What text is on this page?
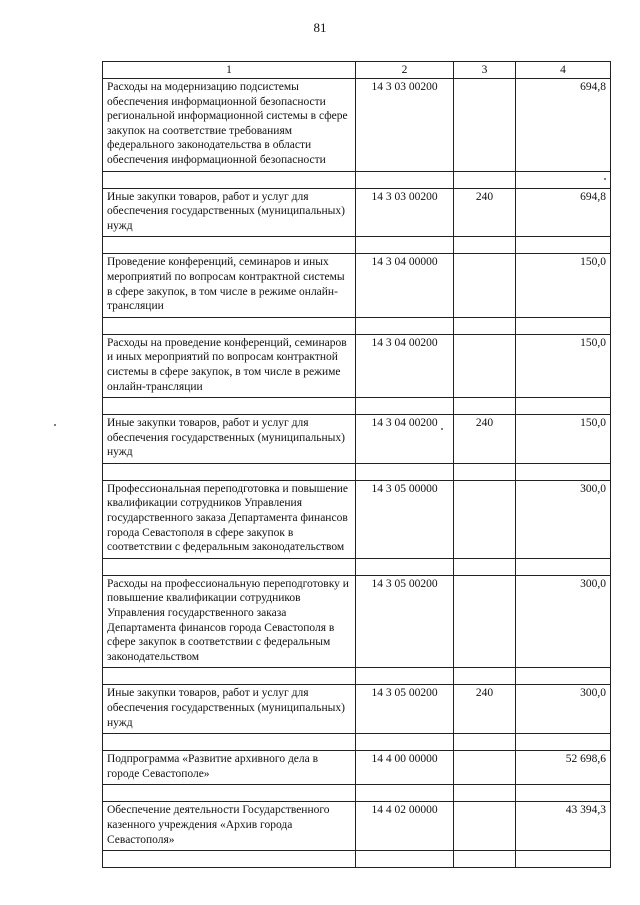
81
1	2	3	4
Расходы на модернизацию подсистемы обеспечения информационной безопасности региональной информационной системы в сфере закупок на соответствие требованиям федерального законодательства в области обеспечения информационной безопасности	14 3 03 00200		694,8

Иные закупки товаров, работ и услуг для обеспечения государственных (муниципальных) нужд	14 3 03 00200	240	694,8

Проведение конференций, семинаров и иных мероприятий по вопросам контрактной системы в сфере закупок, в том числе в режиме онлайн-трансляции	14 3 04 00000		150,0

Расходы на проведение конференций, семинаров и иных мероприятий по вопросам контрактной системы в сфере закупок, в том числе в режиме онлайн-трансляции	14 3 04 00200		150,0

Иные закупки товаров, работ и услуг для обеспечения государственных (муниципальных) нужд	14 3 04 00200	240	150,0

Профессиональная переподготовка и повышение квалификации сотрудников Управления государственного заказа Департамента финансов города Севастополя в сфере закупок в соответствии с федеральным законодательством	14 3 05 00000		300,0

Расходы на профессиональную переподготовку и повышение квалификации сотрудников Управления государственного заказа Департамента финансов города Севастополя в сфере закупок в соответствии с федеральным законодательством	14 3 05 00200		300,0

Иные закупки товаров, работ и услуг для обеспечения государственных (муниципальных) нужд	14 3 05 00200	240	300,0

Подпрограмма «Развитие архивного дела в городе Севастополе»	14 4 00 00000		52 698,6

Обеспечение деятельности Государственного казенного учреждения «Архив города Севастополя»	14 4 02 00000		43 394,3
